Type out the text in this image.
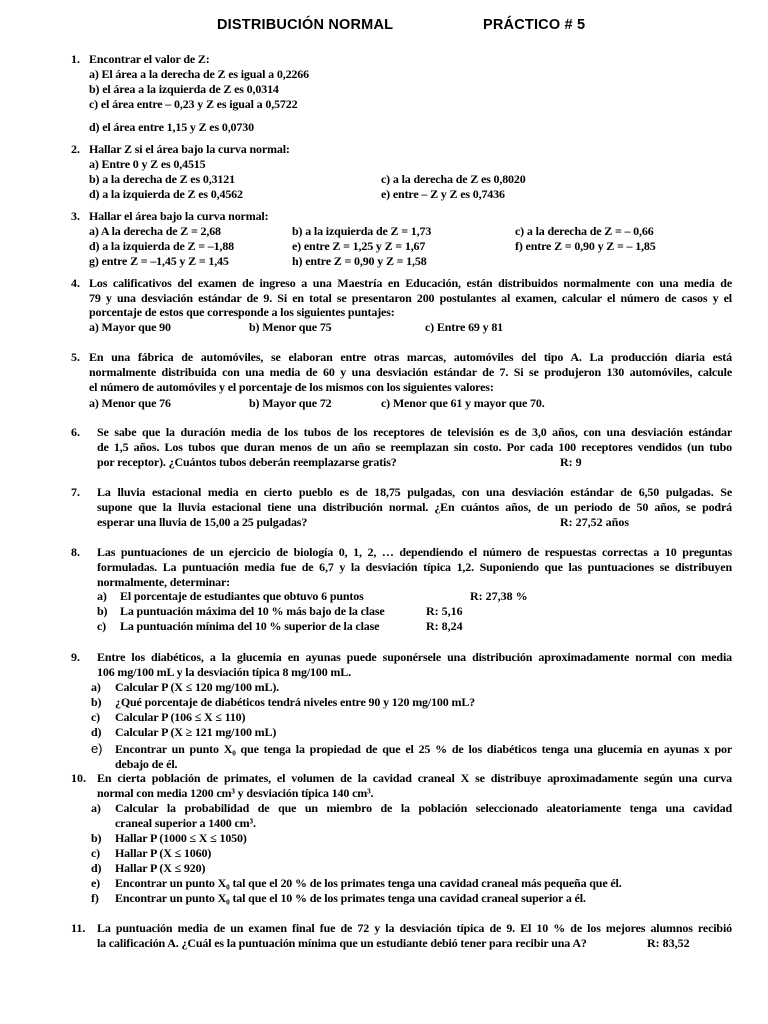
DISTRIBUCIÓN NORMAL	PRÁCTICO # 5
1. Encontrar el valor de Z:
a) El área a la derecha de Z es igual a 0,2266
b) el área a la izquierda de Z es 0,0314
c) el área entre – 0,23 y Z es igual a 0,5722
d) el área entre 1,15 y Z es 0,0730
2. Hallar Z si el área bajo la curva normal:
a) Entre 0 y Z es 0,4515
b) a la derecha de Z es 0,3121	c) a la derecha de Z es 0,8020
d) a la izquierda de Z es 0,4562	e) entre – Z y Z es 0,7436
3. Hallar el área bajo la curva normal:
a) A la derecha de Z = 2,68	b) a la izquierda de Z = 1,73	c) a la derecha de Z = – 0,66
d) a la izquierda de Z = –1,88	e) entre Z = 1,25 y Z = 1,67	f) entre Z = 0,90 y Z = – 1,85
g) entre Z = –1,45 y Z = 1,45	h) entre Z = 0,90 y Z = 1,58
4. Los calificativos del examen de ingreso a una Maestría en Educación, están distribuidos normalmente con una media de
79 y una desviación estándar de 9. Si en total se presentaron 200 postulantes al examen, calcular el número de casos y el
porcentaje de estos que corresponde a los siguientes puntajes:
a) Mayor que 90	b) Menor que 75	c) Entre 69 y 81
5. En una fábrica de automóviles, se elaboran entre otras marcas, automóviles del tipo A. La producción diaria está
normalmente distribuida con una media de 60 y una desviación estándar de 7. Si se produjeron 130 automóviles, calcule
el número de automóviles y el porcentaje de los mismos con los siguientes valores:
a) Menor que 76	b) Mayor que 72	c) Menor que 61 y mayor que 70.
6. Se sabe que la duración media de los tubos de los receptores de televisión es de 3,0 años, con una desviación estándar
de 1,5 años. Los tubos que duran menos de un año se reemplazan sin costo. Por cada 100 receptores vendidos (un tubo
por receptor). ¿Cuántos tubos deberán reemplazarse gratis?	R: 9
7. La lluvia estacional media en cierto pueblo es de 18,75 pulgadas, con una desviación estándar de 6,50 pulgadas. Se
supone que la lluvia estacional tiene una distribución normal. ¿En cuántos años, de un periodo de 50 años, se podrá
esperar una lluvia de 15,00 a 25 pulgadas?	R: 27,52 años
8. Las puntuaciones de un ejercicio de biología 0, 1, 2, … dependiendo el número de respuestas correctas a 10 preguntas
formuladas. La puntuación media fue de 6,7 y la desviación típica 1,2. Suponiendo que las puntuaciones se distribuyen
normalmente, determinar:
a) El porcentaje de estudiantes que obtuvo 6 puntos	R: 27,38 %
b) La puntuación máxima del 10 % más bajo de la clase	R: 5,16
c) La puntuación mínima del 10 % superior de la clase	R: 8,24
9. Entre los diabéticos, a la glucemia en ayunas puede suponérsele una distribución aproximadamente normal con media
106 mg/100 mL y la desviación típica 8 mg/100 mL.
a) Calcular P (X ≤ 120 mg/100 mL).
b) ¿Qué porcentaje de diabéticos tendrá niveles entre 90 y 120 mg/100 mL?
c) Calcular P (106 ≤ X ≤ 110)
d) Calcular P (X ≥ 121 mg/100 mL)
e) Encontrar un punto X₀ que tenga la propiedad de que el 25 % de los diabéticos tenga una glucemia en ayunas x por
debajo de él.
10. En cierta población de primates, el volumen de la cavidad craneal X se distribuye aproximadamente según una curva
normal con media 1200 cm³ y desviación típica 140 cm³.
a) Calcular la probabilidad de que un miembro de la población seleccionado aleatoriamente tenga una cavidad
craneal superior a 1400 cm³.
b) Hallar P (1000 ≤ X ≤ 1050)
c) Hallar P (X ≤ 1060)
d) Hallar P (X ≤ 920)
e) Encontrar un punto X₀ tal que el 20 % de los primates tenga una cavidad craneal más pequeña que él.
f) Encontrar un punto X₀ tal que el 10 % de los primates tenga una cavidad craneal superior a él.
11. La puntuación media de un examen final fue de 72 y la desviación típica de 9. El 10 % de los mejores alumnos recibió
la calificación A. ¿Cuál es la puntuación mínima que un estudiante debió tener para recibir una A?	R: 83,52
